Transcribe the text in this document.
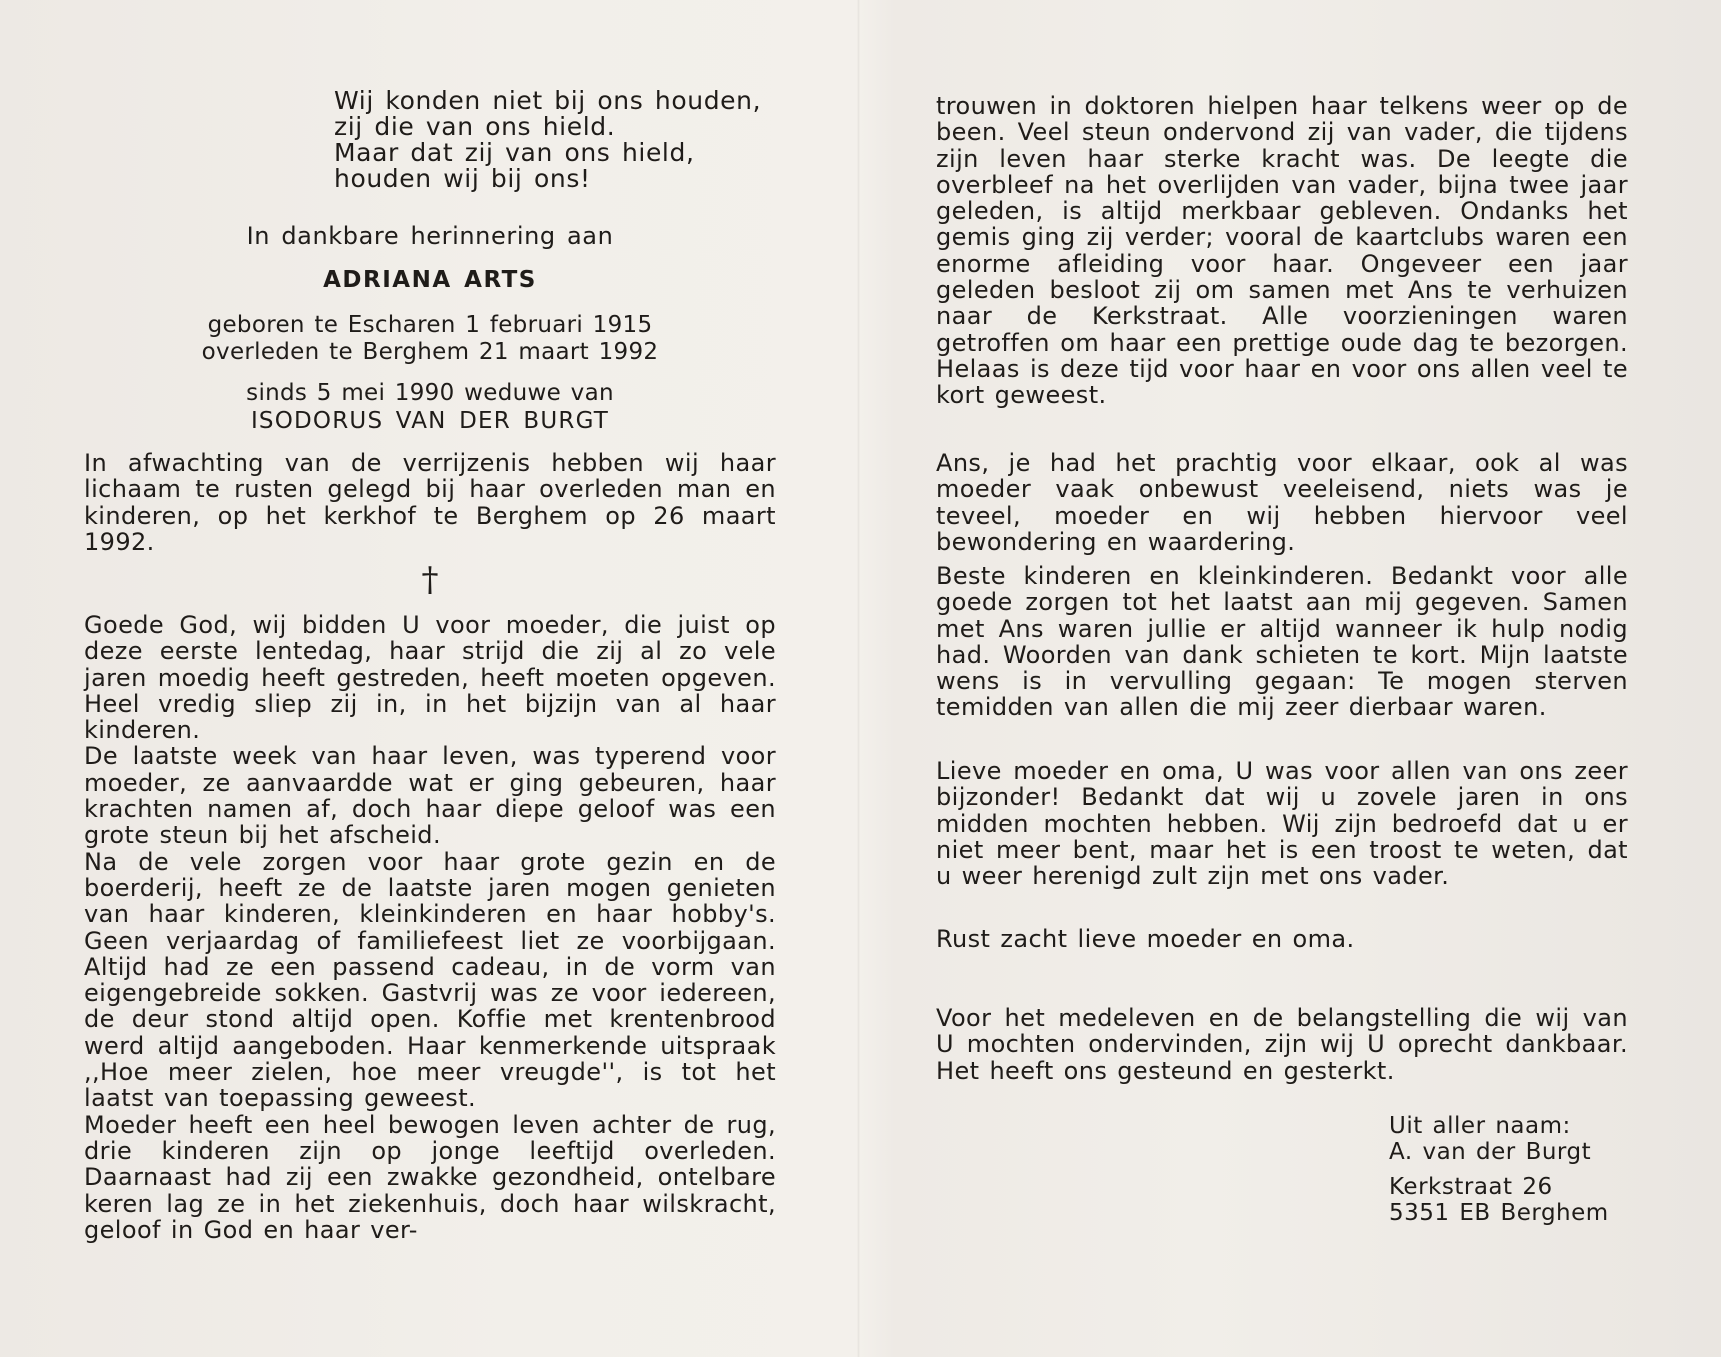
Wij konden niet bij ons houden,
zij die van ons hield.
Maar dat zij van ons hield,
houden wij bij ons!
In dankbare herinnering aan
ADRIANA ARTS
geboren te Escharen 1 februari 1915
overleden te Berghem 21 maart 1992
sinds 5 mei 1990 weduwe van
ISODORUS VAN DER BURGT

In afwachting van de verrijzenis hebben wij haar lichaam te rusten gelegd bij haar overleden man en kinderen, op het kerkhof te Berghem op 26 maart 1992.

†
Goede God, wij bidden U voor moeder, die juist op deze eerste lentedag, haar strijd die zij al zo vele jaren moedig heeft gestreden, heeft moeten opgeven. Heel vredig sliep zij in, in het bijzijn van al haar kinderen.
De laatste week van haar leven, was typerend voor moeder, ze aanvaardde wat er ging gebeuren, haar krachten namen af, doch haar diepe geloof was een grote steun bij het afscheid.
Na de vele zorgen voor haar grote gezin en de boerderij, heeft ze de laatste jaren mogen genieten van haar kinderen, kleinkinderen en haar hobby's. Geen verjaardag of familiefeest liet ze voorbijgaan. Altijd had ze een passend cadeau, in de vorm van eigengebreide sokken. Gastvrij was ze voor iedereen, de deur stond altijd open. Koffie met krentenbrood werd altijd aangeboden. Haar kenmerkende uitspraak ,,Hoe meer zielen, hoe meer vreugde'', is tot het laatst van toepassing geweest.
Moeder heeft een heel bewogen leven achter de rug, drie kinderen zijn op jonge leeftijd overleden. Daarnaast had zij een zwakke gezondheid, ontelbare keren lag ze in het ziekenhuis, doch haar wilskracht, geloof in God en haar ver-

trouwen in doktoren hielpen haar telkens weer op de been. Veel steun ondervond zij van vader, die tijdens zijn leven haar sterke kracht was. De leegte die overbleef na het overlijden van vader, bijna twee jaar geleden, is altijd merkbaar gebleven. Ondanks het gemis ging zij verder; vooral de kaartclubs waren een enorme afleiding voor haar. Ongeveer een jaar geleden besloot zij om samen met Ans te verhuizen naar de Kerkstraat. Alle voorzieningen waren getroffen om haar een prettige oude dag te bezorgen. Helaas is deze tijd voor haar en voor ons allen veel te kort geweest.

Ans, je had het prachtig voor elkaar, ook al was moeder vaak onbewust veeleisend, niets was je teveel, moeder en wij hebben hiervoor veel bewondering en waardering.

Beste kinderen en kleinkinderen. Bedankt voor alle goede zorgen tot het laatst aan mij gegeven. Samen met Ans waren jullie er altijd wanneer ik hulp nodig had. Woorden van dank schieten te kort. Mijn laatste wens is in vervulling gegaan: Te mogen sterven temidden van allen die mij zeer dierbaar waren.

Lieve moeder en oma, U was voor allen van ons zeer bijzonder! Bedankt dat wij u zovele jaren in ons midden mochten hebben. Wij zijn bedroefd dat u er niet meer bent, maar het is een troost te weten, dat u weer herenigd zult zijn met ons vader.

Rust zacht lieve moeder en oma.

Voor het medeleven en de belangstelling die wij van U mochten ondervinden, zijn wij U oprecht dankbaar. Het heeft ons gesteund en gesterkt.

Uit aller naam:
A. van der Burgt
Kerkstraat 26
5351 EB Berghem
